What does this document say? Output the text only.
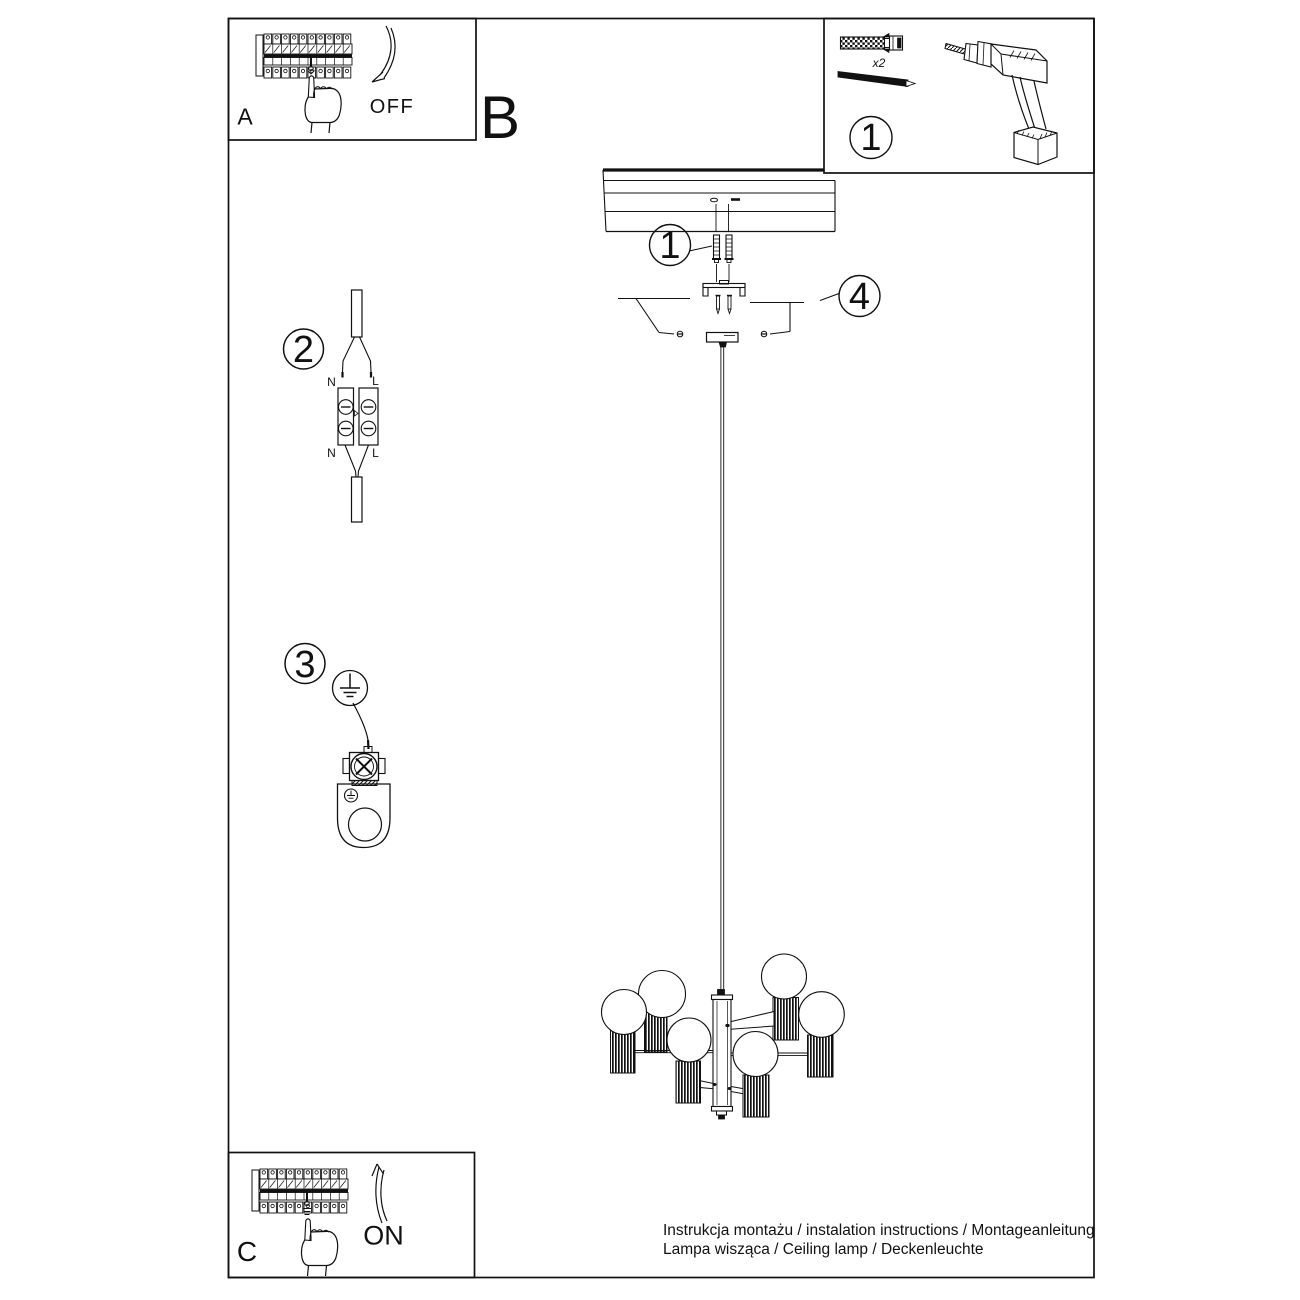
A	OFF B	1
x2
1
4
2
3
N	L
N	L
ON
C
Instrukcja montażu / instalation instructions / Montageanleitung
Lampa wisząca / Ceiling lamp / Deckenleuchte
